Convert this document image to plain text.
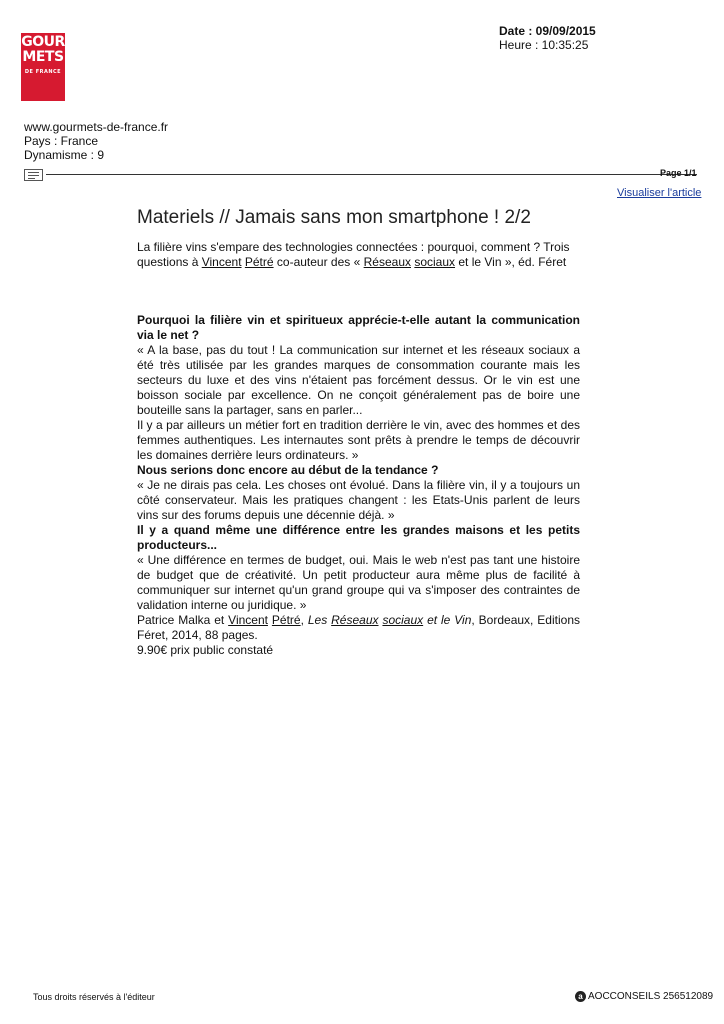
GOUR
METS
DE FRANCE
Date : 09/09/2015
Heure : 10:35:25
www.gourmets-de-france.fr
Pays : France
Dynamisme : 9
Page 1/1
Visualiser l'article
Materiels // Jamais sans mon smartphone ! 2/2
La filière vins s'empare des technologies connectées : pourquoi, comment ? Trois questions à Vincent Pétré co-auteur des « Réseaux sociaux et le Vin », éd. Féret

Pourquoi la filière vin et spiritueux apprécie-t-elle autant la communication via le net ?

« A la base, pas du tout ! La communication sur internet et les réseaux sociaux a été très utilisée par les grandes marques de consommation courante mais les secteurs du luxe et des vins n'étaient pas forcément dessus. Or le vin est une boisson sociale par excellence. On ne conçoit généralement pas de boire une bouteille sans la partager, sans en parler...

Il y a par ailleurs un métier fort en tradition derrière le vin, avec des hommes et des femmes authentiques. Les internautes sont prêts à prendre le temps de découvrir les domaines derrière leurs ordinateurs. »

Nous serions donc encore au début de la tendance ?

« Je ne dirais pas cela. Les choses ont évolué. Dans la filière vin, il y a toujours un côté conservateur. Mais les pratiques changent : les Etats-Unis parlent de leurs vins sur des forums depuis une décennie déjà. »

Il y a quand même une différence entre les grandes maisons et les petits producteurs...

« Une différence en termes de budget, oui. Mais le web n'est pas tant une histoire de budget que de créativité. Un petit producteur aura même plus de facilité à communiquer sur internet qu'un grand groupe qui va s'imposer des contraintes de validation interne ou juridique. »

Patrice Malka et Vincent Pétré, Les Réseaux sociaux et le Vin, Bordeaux, Editions Féret, 2014, 88 pages.

9.90€ prix public constaté

Tous droits réservés à l'éditeur	a AOCCONSEILS 256512089
